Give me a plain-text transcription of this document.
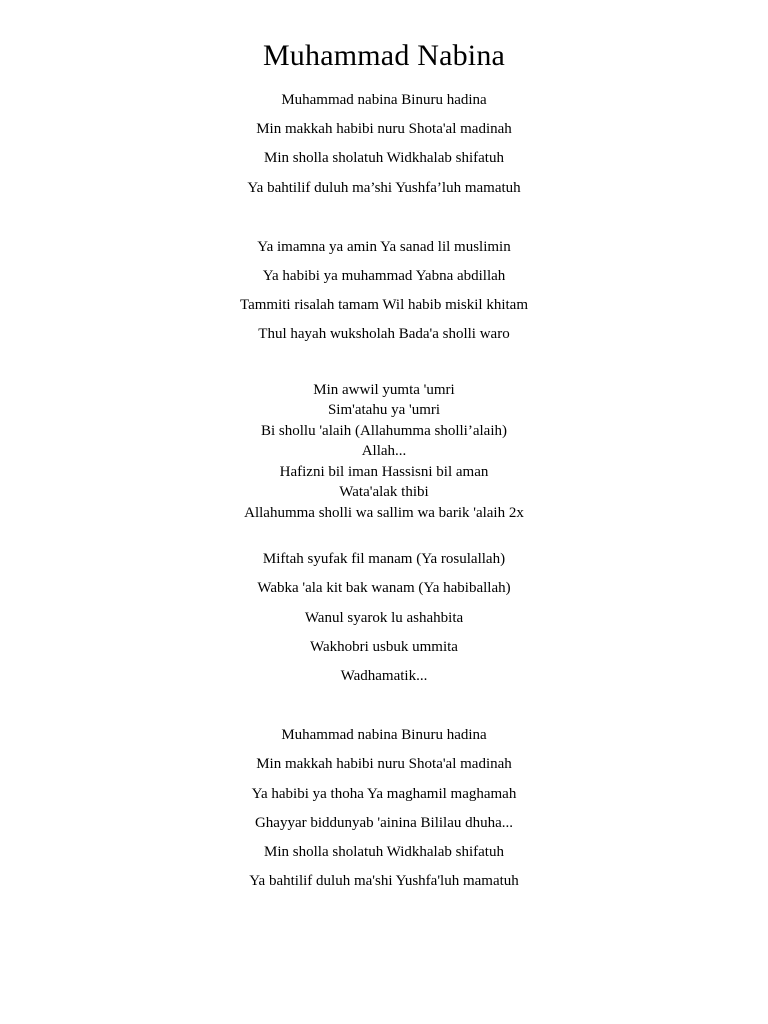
Muhammad Nabina

Muhammad nabina Binuru hadina

Min makkah habibi nuru Shota'al madinah

Min sholla sholatuh Widkhalab shifatuh

Ya bahtilif duluh ma’shi Yushfa’luh mamatuh

Ya imamna ya amin Ya sanad lil muslimin

Ya habibi ya muhammad Yabna abdillah

Tammiti risalah tamam Wil habib miskil khitam

Thul hayah wuksholah Bada'a sholli waro

Min awwil yumta 'umri

Sim'atahu ya 'umri

Bi shollu 'alaih (Allahumma sholli’alaih)

Allah...

Hafizni bil iman Hassisni bil aman

Wata'alak thibi

Allahumma sholli wa sallim wa barik 'alaih 2x

Miftah syufak fil manam (Ya rosulallah)

Wabka 'ala kit bak wanam (Ya habiballah)

Wanul syarok lu ashahbita

Wakhobri usbuk ummita

Wadhamatik...

Muhammad nabina Binuru hadina

Min makkah habibi nuru Shota'al madinah

Ya habibi ya thoha Ya maghamil maghamah

Ghayyar biddunyab 'ainina Bililau dhuha...

Min sholla sholatuh Widkhalab shifatuh

Ya bahtilif duluh ma'shi Yushfa'luh mamatuh
